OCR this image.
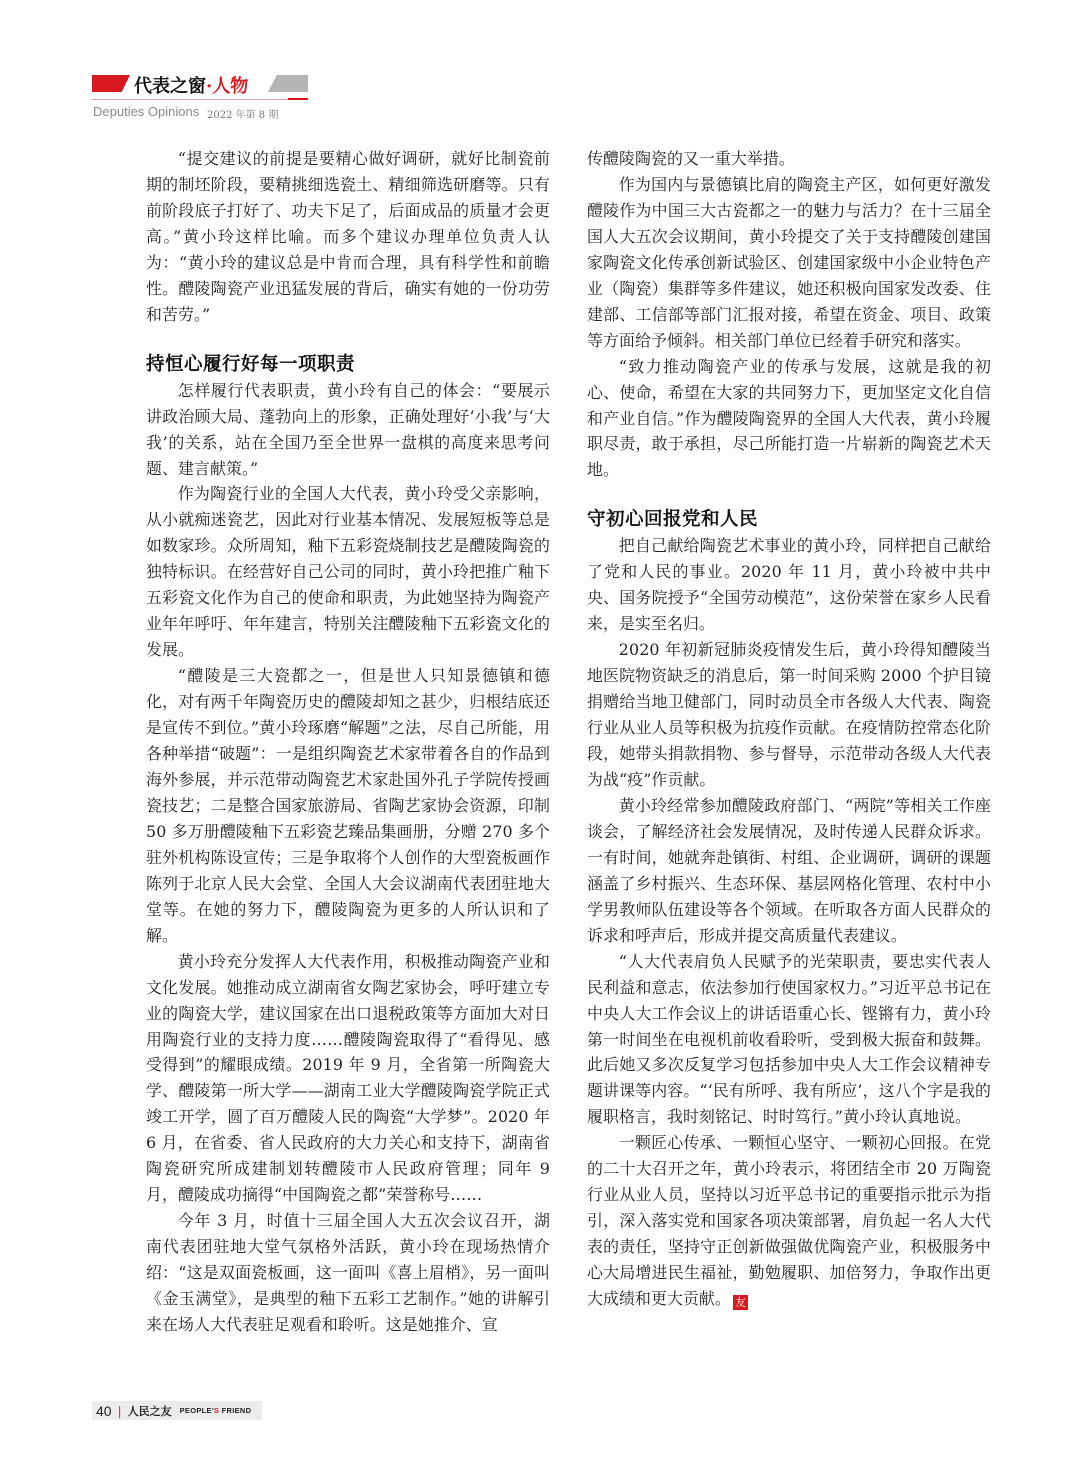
代表之窗·人物
Deputies Opinions 2022 年第 8 期

“提交建议的前提是要精心做好调研，就好比制瓷前期的制坯阶段，要精挑细选瓷土、精细筛选研磨等。只有前阶段底子打好了、功夫下足了，后面成品的质量才会更高。”黄小玲这样比喻。而多个建议办理单位负责人认为：“黄小玲的建议总是中肯而合理，具有科学性和前瞻性。醴陵陶瓷产业迅猛发展的背后，确实有她的一份功劳和苦劳。”

持恒心履行好每一项职责

怎样履行代表职责，黄小玲有自己的体会：“要展示讲政治顾大局、蓬勃向上的形象，正确处理好‘小我’与‘大我’的关系，站在全国乃至全世界一盘棋的高度来思考问题、建言献策。”

作为陶瓷行业的全国人大代表，黄小玲受父亲影响，从小就痴迷瓷艺，因此对行业基本情况、发展短板等总是如数家珍。众所周知，釉下五彩瓷烧制技艺是醴陵陶瓷的独特标识。在经营好自己公司的同时，黄小玲把推广釉下五彩瓷文化作为自己的使命和职责，为此她坚持为陶瓷产业年年呼吁、年年建言，特别关注醴陵釉下五彩瓷文化的发展。

“醴陵是三大瓷都之一，但是世人只知景德镇和德化，对有两千年陶瓷历史的醴陵却知之甚少，归根结底还是宣传不到位。”黄小玲琢磨“解题”之法，尽自己所能，用各种举措“破题”：一是组织陶瓷艺术家带着各自的作品到海外参展，并示范带动陶瓷艺术家赴国外孔子学院传授画瓷技艺；二是整合国家旅游局、省陶艺家协会资源，印制 50 多万册醴陵釉下五彩瓷艺臻品集画册，分赠 270 多个驻外机构陈设宣传；三是争取将个人创作的大型瓷板画作陈列于北京人民大会堂、全国人大会议湖南代表团驻地大堂等。在她的努力下，醴陵陶瓷为更多的人所认识和了解。

黄小玲充分发挥人大代表作用，积极推动陶瓷产业和文化发展。她推动成立湖南省女陶艺家协会，呼吁建立专业的陶瓷大学，建议国家在出口退税政策等方面加大对日用陶瓷行业的支持力度……醴陵陶瓷取得了“看得见、感受得到”的耀眼成绩。2019 年 9 月，全省第一所陶瓷大学、醴陵第一所大学——湖南工业大学醴陵陶瓷学院正式竣工开学，圆了百万醴陵人民的陶瓷“大学梦”。2020 年 6 月，在省委、省人民政府的大力关心和支持下，湖南省陶瓷研究所成建制划转醴陵市人民政府管理；同年 9 月，醴陵成功摘得“中国陶瓷之都”荣誉称号……

今年 3 月，时值十三届全国人大五次会议召开，湖南代表团驻地大堂气氛格外活跃，黄小玲在现场热情介绍：“这是双面瓷板画，这一面叫《喜上眉梢》，另一面叫《金玉满堂》，是典型的釉下五彩工艺制作。”她的讲解引来在场人大代表驻足观看和聆听。这是她推介、宣

传醴陵陶瓷的又一重大举措。

作为国内与景德镇比肩的陶瓷主产区，如何更好激发醴陵作为中国三大古瓷都之一的魅力与活力？在十三届全国人大五次会议期间，黄小玲提交了关于支持醴陵创建国家陶瓷文化传承创新试验区、创建国家级中小企业特色产业（陶瓷）集群等多件建议，她还积极向国家发改委、住建部、工信部等部门汇报对接，希望在资金、项目、政策等方面给予倾斜。相关部门单位已经着手研究和落实。

“致力推动陶瓷产业的传承与发展，这就是我的初心、使命，希望在大家的共同努力下，更加坚定文化自信和产业自信。”作为醴陵陶瓷界的全国人大代表，黄小玲履职尽责，敢于承担，尽己所能打造一片崭新的陶瓷艺术天地。

守初心回报党和人民

把自己献给陶瓷艺术事业的黄小玲，同样把自己献给了党和人民的事业。2020 年 11 月，黄小玲被中共中央、国务院授予“全国劳动模范”，这份荣誉在家乡人民看来，是实至名归。

2020 年初新冠肺炎疫情发生后，黄小玲得知醴陵当地医院物资缺乏的消息后，第一时间采购 2000 个护目镜捐赠给当地卫健部门，同时动员全市各级人大代表、陶瓷行业从业人员等积极为抗疫作贡献。在疫情防控常态化阶段，她带头捐款捐物、参与督导，示范带动各级人大代表为战“疫”作贡献。

黄小玲经常参加醴陵政府部门、“两院”等相关工作座谈会，了解经济社会发展情况，及时传递人民群众诉求。一有时间，她就奔赴镇街、村组、企业调研，调研的课题涵盖了乡村振兴、生态环保、基层网格化管理、农村中小学男教师队伍建设等各个领域。在听取各方面人民群众的诉求和呼声后，形成并提交高质量代表建议。

“人大代表肩负人民赋予的光荣职责，要忠实代表人民利益和意志，依法参加行使国家权力。”习近平总书记在中央人大工作会议上的讲话语重心长、铿锵有力，黄小玲第一时间坐在电视机前收看聆听，受到极大振奋和鼓舞。此后她又多次反复学习包括参加中央人大工作会议精神专题讲课等内容。“‘民有所呼、我有所应’，这八个字是我的履职格言，我时刻铭记、时时笃行。”黄小玲认真地说。

一颗匠心传承、一颗恒心坚守、一颗初心回报。在党的二十大召开之年，黄小玲表示，将团结全市 20 万陶瓷行业从业人员，坚持以习近平总书记的重要指示批示为指引，深入落实党和国家各项决策部署，肩负起一名人大代表的责任，坚持守正创新做强做优陶瓷产业，积极服务中心大局增进民生福祉，勤勉履职、加倍努力，争取作出更大成绩和更大贡献。 友

40 | 人民之友 PEOPLE'S FRIEND
